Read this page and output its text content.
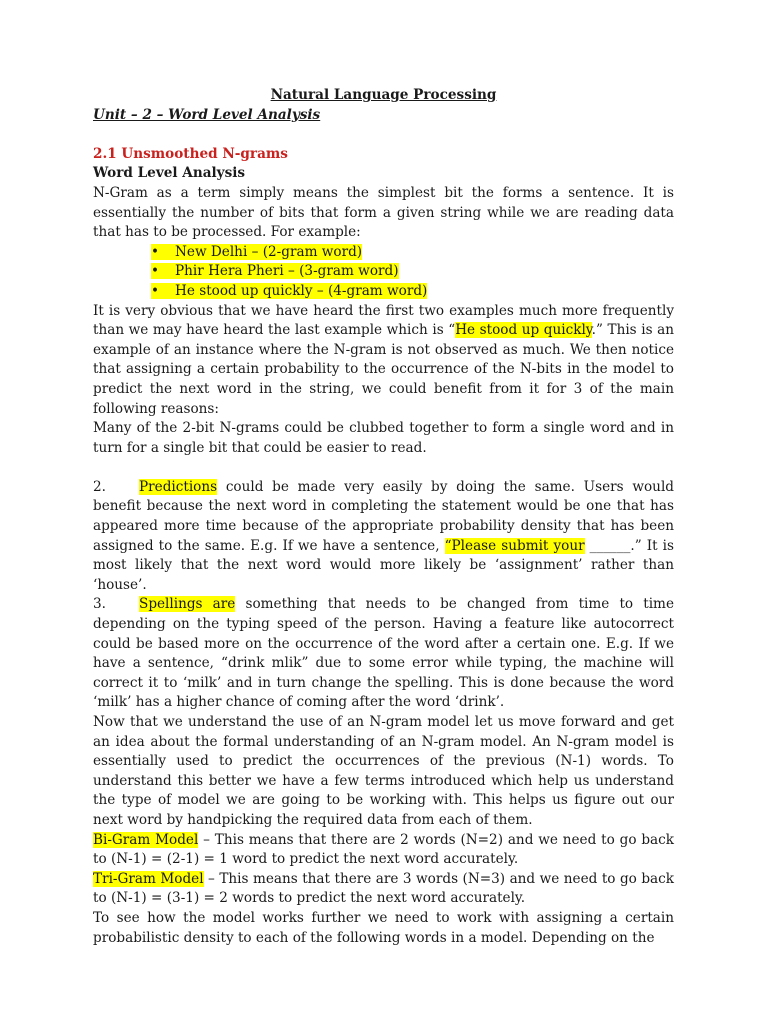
Natural Language Processing
Unit – 2 – Word Level Analysis
2.1 Unsmoothed N-grams
Word Level Analysis

N-Gram as a term simply means the simplest bit the forms a sentence. It is essentially the number of bits that form a given string while we are reading data that has to be processed. For example:

• New Delhi – (2-gram word)
• Phir Hera Pheri – (3-gram word)
• He stood up quickly – (4-gram word)

It is very obvious that we have heard the first two examples much more frequently than we may have heard the last example which is “He stood up quickly.” This is an example of an instance where the N-gram is not observed as much. We then notice that assigning a certain probability to the occurrence of the N-bits in the model to predict the next word in the string, we could benefit from it for 3 of the main following reasons:

Many of the 2-bit N-grams could be clubbed together to form a single word and in turn for a single bit that could be easier to read.

2. Predictions could be made very easily by doing the same. Users would benefit because the next word in completing the statement would be one that has appeared more time because of the appropriate probability density that has been assigned to the same. E.g. If we have a sentence, “Please submit your ______.” It is most likely that the next word would more likely be ‘assignment’ rather than ‘house’.

3. Spellings are something that needs to be changed from time to time depending on the typing speed of the person. Having a feature like autocorrect could be based more on the occurrence of the word after a certain one. E.g. If we have a sentence, “drink mlik” due to some error while typing, the machine will correct it to ‘milk’ and in turn change the spelling. This is done because the word ‘milk’ has a higher chance of coming after the word ‘drink’.

Now that we understand the use of an N-gram model let us move forward and get an idea about the formal understanding of an N-gram model. An N-gram model is essentially used to predict the occurrences of the previous (N-1) words. To understand this better we have a few terms introduced which help us understand the type of model we are going to be working with. This helps us figure out our next word by handpicking the required data from each of them.

Bi-Gram Model – This means that there are 2 words (N=2) and we need to go back to (N-1) = (2-1) = 1 word to predict the next word accurately.

Tri-Gram Model – This means that there are 3 words (N=3) and we need to go back to (N-1) = (3-1) = 2 words to predict the next word accurately.

To see how the model works further we need to work with assigning a certain probabilistic density to each of the following words in a model. Depending on the
